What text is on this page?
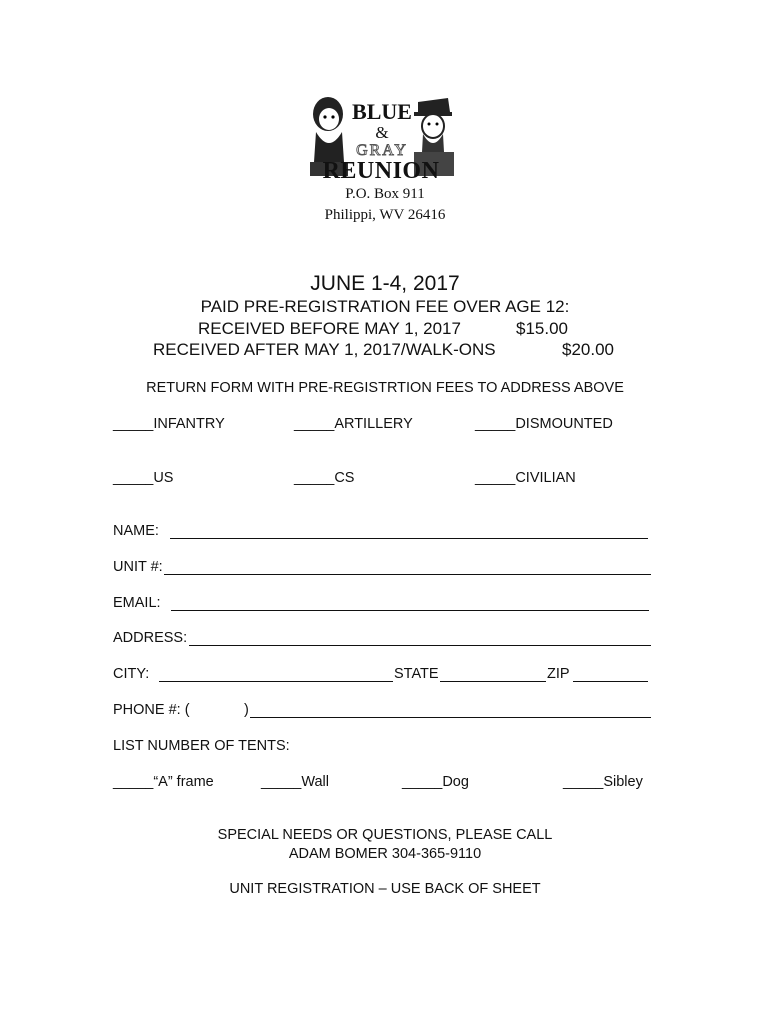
BLUE
&
GRAY
REUNION
P.O. Box 911
Philippi, WV 26416
JUNE 1-4, 2017
PAID PRE-REGISTRATION FEE OVER AGE 12:
RECEIVED BEFORE MAY 1, 2017	$15.00
RECEIVED AFTER MAY 1, 2017/WALK-ONS	$20.00
RETURN FORM WITH PRE-REGISTRTION FEES TO ADDRESS ABOVE
_____INFANTRY	_____ARTILLERY	_____DISMOUNTED
_____US	_____CS	_____CIVILIAN
NAME:
UNIT #:
EMAIL:
ADDRESS:
CITY:	STATE	ZIP
PHONE #: (	)
LIST NUMBER OF TENTS:
_____“A” frame	_____Wall	_____Dog	_____Sibley
SPECIAL NEEDS OR QUESTIONS, PLEASE CALL
ADAM BOMER 304-365-9110
UNIT REGISTRATION – USE BACK OF SHEET
